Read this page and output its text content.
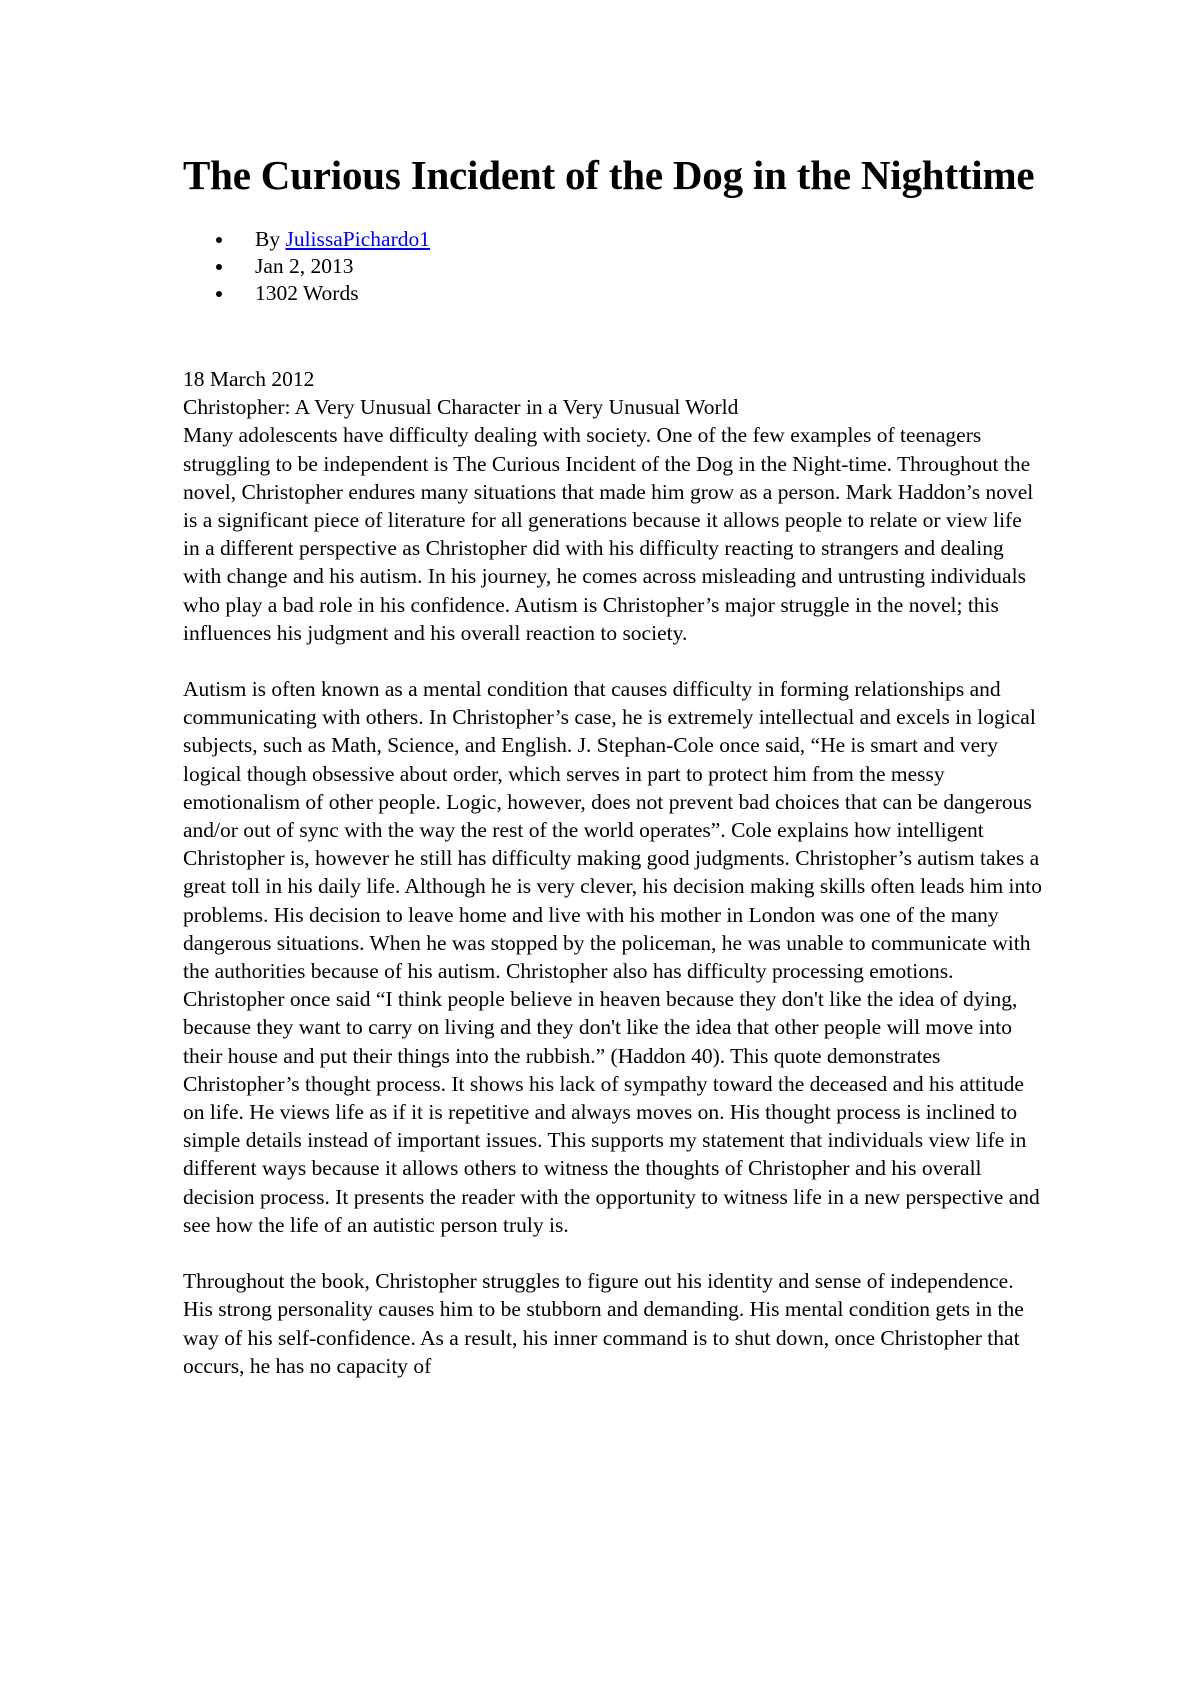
The Curious Incident of the Dog in the Nighttime
By JulissaPichardo1
Jan 2, 2013
1302 Words

18 March 2012

Christopher: A Very Unusual Character in a Very Unusual World

Many adolescents have difficulty dealing with society. One of the few examples of teenagers struggling to be independent is The Curious Incident of the Dog in the Night-time. Throughout the novel, Christopher endures many situations that made him grow as a person. Mark Haddon’s novel is a significant piece of literature for all generations because it allows people to relate or view life in a different perspective as Christopher did with his difficulty reacting to strangers and dealing with change and his autism. In his journey, he comes across misleading and untrusting individuals who play a bad role in his confidence. Autism is Christopher’s major struggle in the novel; this influences his judgment and his overall reaction to society.

Autism is often known as a mental condition that causes difficulty in forming relationships and communicating with others. In Christopher’s case, he is extremely intellectual and excels in logical subjects, such as Math, Science, and English. J. Stephan-Cole once said, “He is smart and very logical though obsessive about order, which serves in part to protect him from the messy emotionalism of other people. Logic, however, does not prevent bad choices that can be dangerous and/or out of sync with the way the rest of the world operates”. Cole explains how intelligent Christopher is, however he still has difficulty making good judgments. Christopher’s autism takes a great toll in his daily life. Although he is very clever, his decision making skills often leads him into problems. His decision to leave home and live with his mother in London was one of the many dangerous situations. When he was stopped by the policeman, he was unable to communicate with the authorities because of his autism. Christopher also has difficulty processing emotions. Christopher once said “I think people believe in heaven because they don't like the idea of dying, because they want to carry on living and they don't like the idea that other people will move into their house and put their things into the rubbish.” (Haddon 40). This quote demonstrates Christopher’s thought process. It shows his lack of sympathy toward the deceased and his attitude on life. He views life as if it is repetitive and always moves on. His thought process is inclined to simple details instead of important issues. This supports my statement that individuals view life in different ways because it allows others to witness the thoughts of Christopher and his overall decision process. It presents the reader with the opportunity to witness life in a new perspective and see how the life of an autistic person truly is.

Throughout the book, Christopher struggles to figure out his identity and sense of independence. His strong personality causes him to be stubborn and demanding. His mental condition gets in the way of his self-confidence. As a result, his inner command is to shut down, once Christopher that occurs, he has no capacity of
